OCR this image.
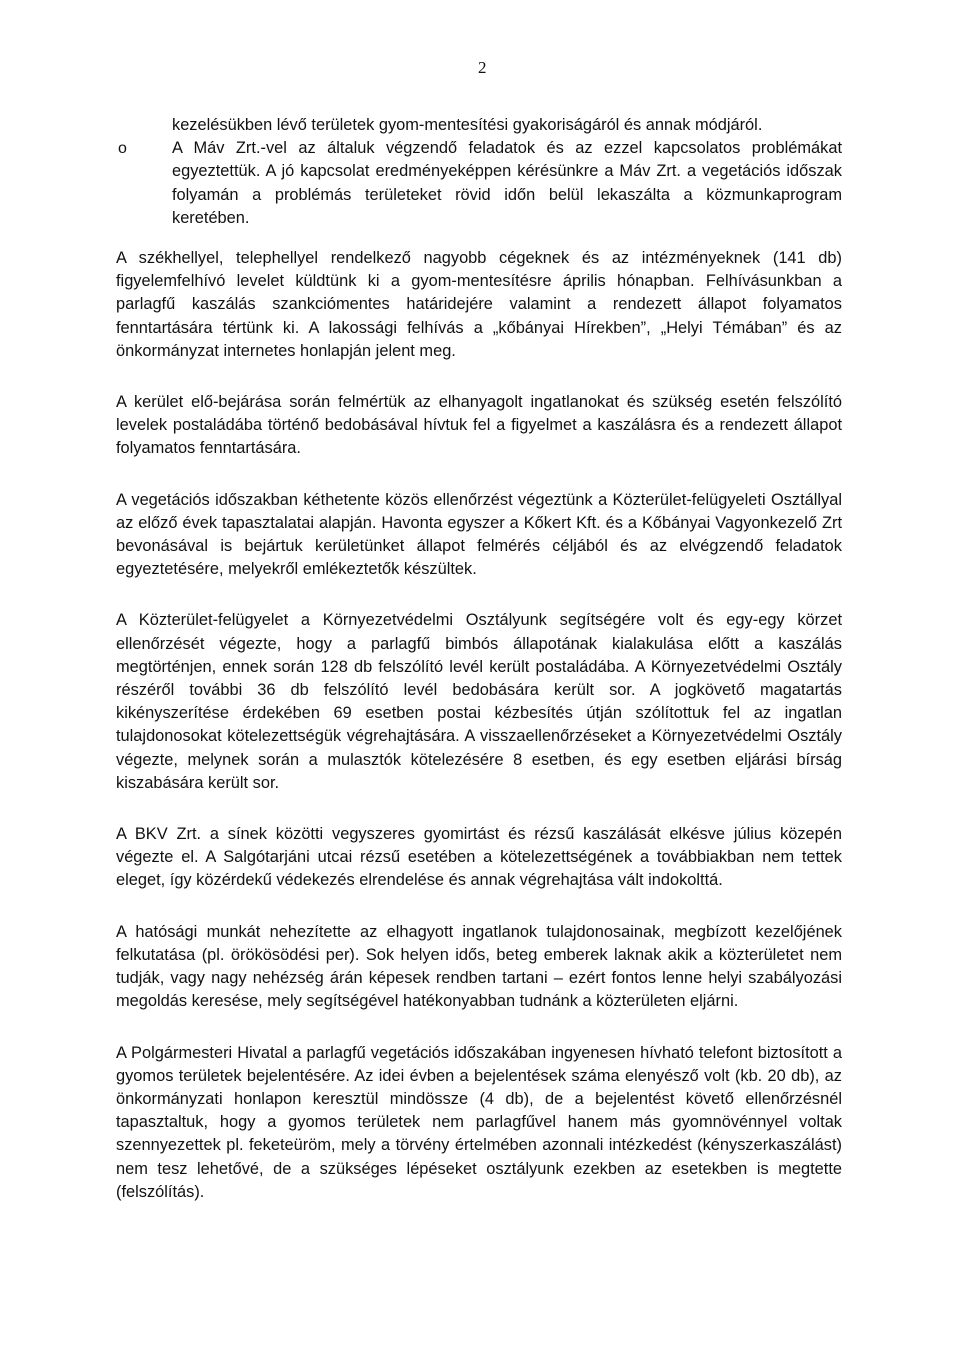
2
kezelésükben lévő területek gyom-mentesítési gyakoriságáról és annak módjáról.
o	A Máv Zrt.-vel az általuk végzendő feladatok és az ezzel kapcsolatos problémákat egyeztettük. A jó kapcsolat eredményeképpen kérésünkre a Máv Zrt. a vegetációs időszak folyamán a problémás területeket rövid időn belül lekaszálta a közmunkaprogram keretében.

A székhellyel, telephellyel rendelkező nagyobb cégeknek és az intézményeknek (141 db) figyelemfelhívó levelet küldtünk ki a gyom-mentesítésre április hónapban. Felhívásunkban a parlagfű kaszálás szankciómentes határidejére valamint a rendezett állapot folyamatos fenntartására tértünk ki. A lakossági felhívás a „kőbányai Hírekben”, „Helyi Témában” és az önkormányzat internetes honlapján jelent meg.

A kerület elő-bejárása során felmértük az elhanyagolt ingatlanokat és szükség esetén felszólító levelek postaládába történő bedobásával hívtuk fel a figyelmet a kaszálásra és a rendezett állapot folyamatos fenntartására.

A vegetációs időszakban kéthetente közös ellenőrzést végeztünk a Közterület-felügyeleti Osztállyal az előző évek tapasztalatai alapján. Havonta egyszer a Kőkert Kft. és a Kőbányai Vagyonkezelő Zrt bevonásával is bejártuk kerületünket állapot felmérés céljából és az elvégzendő feladatok egyeztetésére, melyekről emlékeztetők készültek.

A Közterület-felügyelet a Környezetvédelmi Osztályunk segítségére volt és egy-egy körzet ellenőrzését végezte, hogy a parlagfű bimbós állapotának kialakulása előtt a kaszálás megtörténjen, ennek során 128 db felszólító levél került postaládába. A Környezetvédelmi Osztály részéről további 36 db felszólító levél bedobására került sor. A jogkövető magatartás kikényszerítése érdekében 69 esetben postai kézbesítés útján szólítottuk fel az ingatlan tulajdonosokat kötelezettségük végrehajtására. A visszaellenőrzéseket a Környezetvédelmi Osztály végezte, melynek során a mulasztók kötelezésére 8 esetben, és egy esetben eljárási bírság kiszabására került sor.

A BKV Zrt. a sínek közötti vegyszeres gyomirtást és rézsű kaszálását elkésve július közepén végezte el. A Salgótarjáni utcai rézsű esetében a kötelezettségének a továbbiakban nem tettek eleget, így közérdekű védekezés elrendelése és annak végrehajtása vált indokolttá.

A hatósági munkát nehezítette az elhagyott ingatlanok tulajdonosainak, megbízott kezelőjének felkutatása (pl. örökösödési per). Sok helyen idős, beteg emberek laknak akik a közterületet nem tudják, vagy nagy nehézség árán képesek rendben tartani – ezért fontos lenne helyi szabályozási megoldás keresése, mely segítségével hatékonyabban tudnánk a közterületen eljárni.

A Polgármesteri Hivatal a parlagfű vegetációs időszakában ingyenesen hívható telefont biztosított a gyomos területek bejelentésére. Az idei évben a bejelentések száma elenyésző volt (kb. 20 db), az önkormányzati honlapon keresztül mindössze (4 db), de a bejelentést követő ellenőrzésnél tapasztaltuk, hogy a gyomos területek nem parlagfűvel hanem más gyomnövénnyel voltak szennyezettek pl. feketeüröm, mely a törvény értelmében azonnali intézkedést (kényszerkaszálást) nem tesz lehetővé, de a szükséges lépéseket osztályunk ezekben az esetekben is megtette (felszólítás).
